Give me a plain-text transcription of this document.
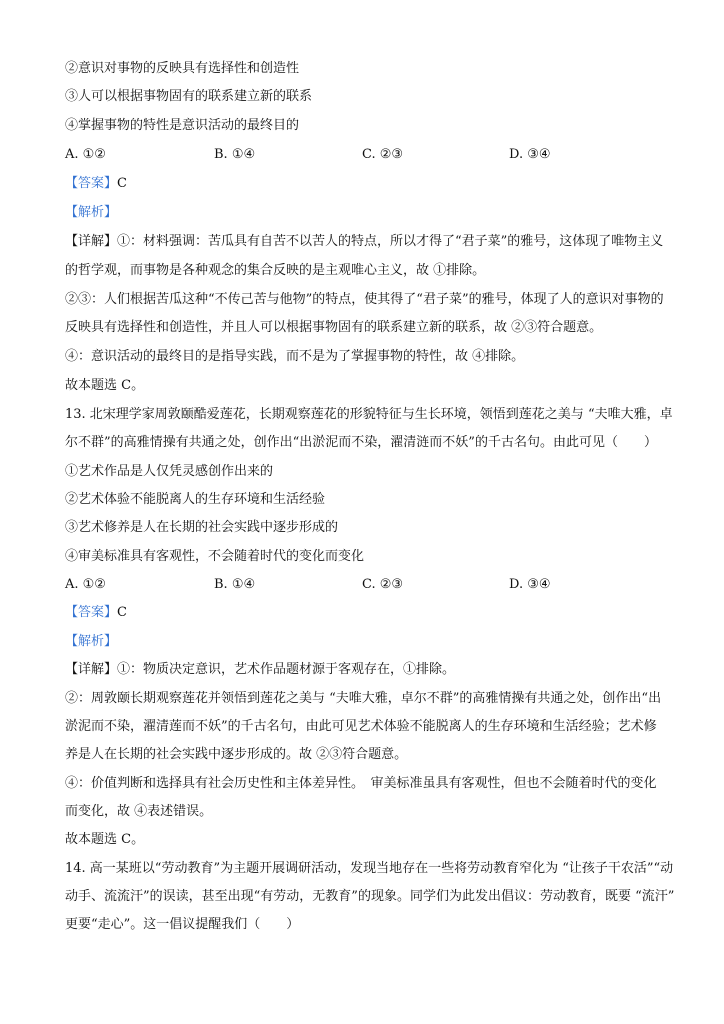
②意识对事物的反映具有选择性和创造性
③人可以根据事物固有的联系建立新的联系
④掌握事物的特性是意识活动的最终目的
A. ①②	B. ①④	C. ②③	D. ③④
【答案】C
【解析】
【详解】①：材料强调：苦瓜具有自苦不以苦人的特点，所以才得了“君子菜”的雅号，这体现了唯物主义
的哲学观，而事物是各种观念的集合反映的是主观唯心主义，故 ①排除。
②③：人们根据苦瓜这种“不传己苦与他物”的特点，使其得了“君子菜”的雅号，体现了人的意识对事物的
反映具有选择性和创造性，并且人可以根据事物固有的联系建立新的联系，故 ②③符合题意。
④：意识活动的最终目的是指导实践，而不是为了掌握事物的特性，故 ④排除。
故本题选 C。
13. 北宋理学家周敦颐酷爱莲花，长期观察莲花的形貌特征与生长环境，领悟到莲花之美与 “夫唯大雅，卓
尔不群”的高雅情操有共通之处，创作出“出淤泥而不染，濯清涟而不妖”的千古名句。由此可见（　　）
①艺术作品是人仅凭灵感创作出来的
②艺术体验不能脱离人的生存环境和生活经验
③艺术修养是人在长期的社会实践中逐步形成的
④审美标准具有客观性，不会随着时代的变化而变化
A. ①②	B. ①④	C. ②③	D. ③④
【答案】C
【解析】
【详解】①：物质决定意识，艺术作品题材源于客观存在，①排除。
②：周敦颐长期观察莲花并领悟到莲花之美与 “夫唯大雅，卓尔不群”的高雅情操有共通之处，创作出“出
淤泥而不染，濯清莲而不妖”的千古名句，由此可见艺术体验不能脱离人的生存环境和生活经验；艺术修
养是人在长期的社会实践中逐步形成的。故 ②③符合题意。
④：价值判断和选择具有社会历史性和主体差异性。　审美标准虽具有客观性，但也不会随着时代的变化
而变化，故 ④表述错误。
故本题选 C。
14. 高一某班以“劳动教育”为主题开展调研活动，发现当地存在一些将劳动教育窄化为 “让孩子干农活”“动
动手、流流汗”的误读，甚至出现“有劳动，无教育”的现象。同学们为此发出倡议：劳动教育，既要 “流汗”
更要“走心”。这一倡议提醒我们（　　）
